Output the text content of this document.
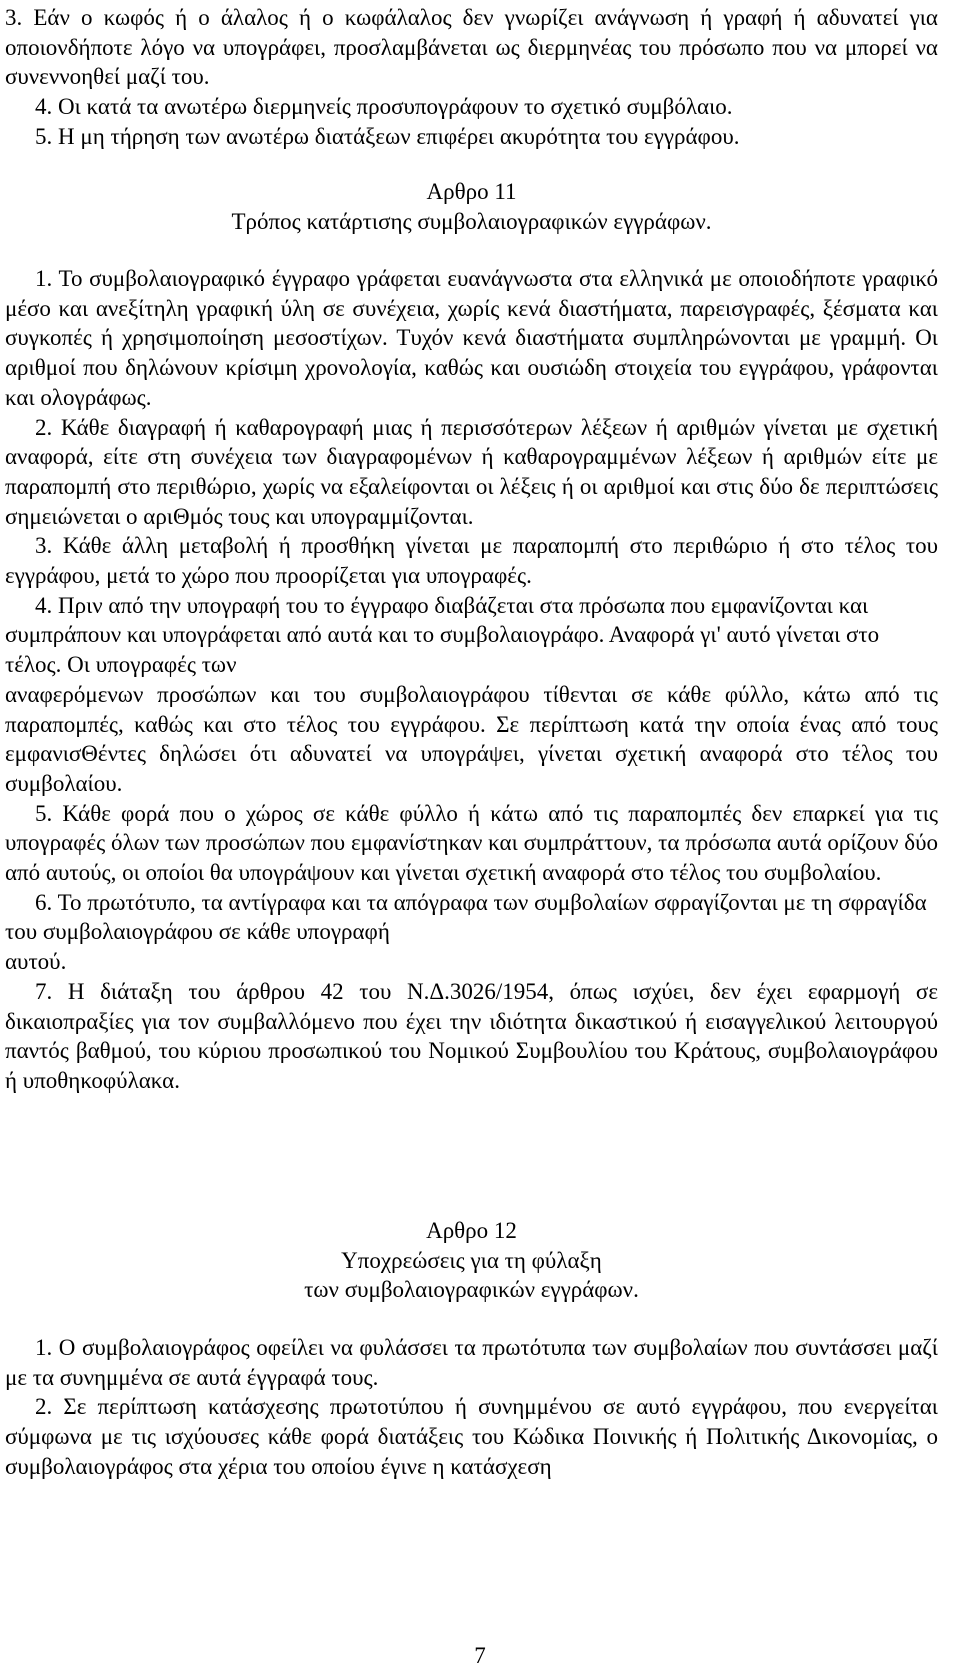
3. Εάν ο κωφός ή ο άλαλος ή ο κωφάλαλος δεν γνωρίζει ανάγνωση ή γραφή ή αδυνατεί για οποιονδήποτε λόγο να υπογράφει, προσλαμβάνεται ως διερμηνέας του πρόσωπο που να μπορεί να συνεννοηθεί μαζί του.

4. Οι κατά τα ανωτέρω διερμηνείς προσυπογράφουν το σχετικό συμβόλαιο.

5. Η μη τήρηση των ανωτέρω διατάξεων επιφέρει ακυρότητα του εγγράφου.

Αρθρο 11

Τρόπος κατάρτισης συμβολαιογραφικών εγγράφων.

1. Το συμβολαιογραφικό έγγραφο γράφεται ευανάγνωστα στα ελληνικά με οποιοδήποτε γραφικό μέσο και ανεξίτηλη γραφική ύλη σε συνέχεια, χωρίς κενά διαστήματα, παρεισγραφές, ξέσματα και συγκοπές ή χρησιμοποίηση μεσοστίχων. Τυχόν κενά διαστήματα συμπληρώνονται με γραμμή. Οι αριθμοί που δηλώνουν κρίσιμη χρονολογία, καθώς και ουσιώδη στοιχεία του εγγράφου, γράφονται και ολογράφως.

2. Κάθε διαγραφή ή καθαρογραφή μιας ή περισσότερων λέξεων ή αριθμών γίνεται με σχετική αναφορά, είτε στη συνέχεια των διαγραφομένων ή καθαρογραμμένων λέξεων ή αριθμών είτε με παραπομπή στο περιθώριο, χωρίς να εξαλείφονται οι λέξεις ή οι αριθμοί και στις δύο δε περιπτώσεις σημειώνεται ο αριΘμός τους και υπογραμμίζονται.

3. Κάθε άλλη μεταβολή ή προσθήκη γίνεται με παραπομπή στο περιθώριο ή στο τέλος του εγγράφου, μετά το χώρο που προορίζεται για υπογραφές.

4. Πριν από την υπογραφή του το έγγραφο διαβάζεται στα πρόσωπα που εμφανίζονται και συμπράπουν και υπογράφεται από αυτά και το συμβολαιογράφο. Αναφορά γι' αυτό γίνεται στο τέλος. Οι υπογραφές των

αναφερόμενων προσώπων και του συμβολαιογράφου τίθενται σε κάθε φύλλο, κάτω από τις παραπομπές, καθώς και στο τέλος του εγγράφου. Σε περίπτωση κατά την οποία ένας από τους εμφανισΘέντες δηλώσει ότι αδυνατεί να υπογράψει, γίνεται σχετική αναφορά στο τέλος του συμβολαίου.

5. Κάθε φορά που ο χώρος σε κάθε φύλλο ή κάτω από τις παραπομπές δεν επαρκεί για τις υπογραφές όλων των προσώπων που εμφανίστηκαν και συμπράττουν, τα πρόσωπα αυτά ορίζουν δύο από αυτούς, οι οποίοι θα υπογράψουν και γίνεται σχετική αναφορά στο τέλος του συμβολαίου.

6. Το πρωτότυπο, τα αντίγραφα και τα απόγραφα των συμβολαίων σφραγίζονται με τη σφραγίδα του συμβολαιογράφου σε κάθε υπογραφή

αυτού.

7. Η διάταξη του άρθρου 42 του Ν.Δ.3026/1954, όπως ισχύει, δεν έχει εφαρμογή σε δικαιοπραξίες για τον συμβαλλόμενο που έχει την ιδιότητα δικαστικού ή εισαγγελικού λειτουργού παντός βαθμού, του κύριου προσωπικού του Νομικού Συμβουλίου του Κράτους, συμβολαιογράφου ή υποθηκοφύλακα.

Αρθρο 12

Υποχρεώσεις για τη φύλαξη

των συμβολαιογραφικών εγγράφων.

1. Ο συμβολαιογράφος οφείλει να φυλάσσει τα πρωτότυπα των συμβολαίων που συντάσσει μαζί με τα συνημμένα σε αυτά έγγραφά τους.

2. Σε περίπτωση κατάσχεσης πρωτοτύπου ή συνημμένου σε αυτό εγγράφου, που ενεργείται σύμφωνα με τις ισχύουσες κάθε φορά διατάξεις του Κώδικα Ποινικής ή Πολιτικής Δικονομίας, ο συμβολαιογράφος στα χέρια του οποίου έγινε η κατάσχεση

7
